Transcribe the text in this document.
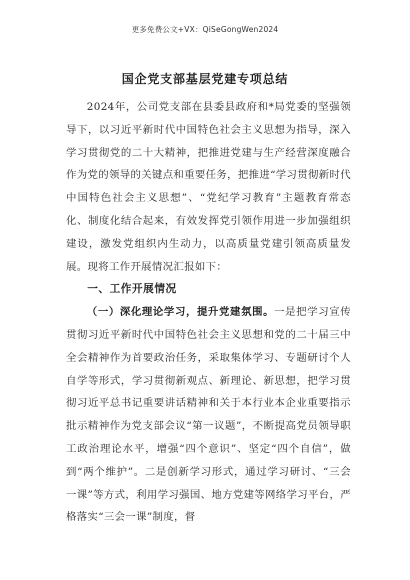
更多免费公文+VX：QiSeGongWen2024
国企党支部基层党建专项总结

2024年，公司党支部在县委县政府和*局党委的坚强领导下，以习近平新时代中国特色社会主义思想为指导，深入学习贯彻党的二十大精神，把推进党建与生产经营深度融合作为党的领导的关键点和重要任务，把推进“学习贯彻新时代中国特色社会主义思想”、“党纪学习教育”主题教育常态化、制度化结合起来，有效发挥党引领作用进一步加强组织建设，激发党组织内生动力，以高质量党建引领高质量发展。现将工作开展情况汇报如下：

一、工作开展情况

（一）深化理论学习，提升党建氛围。一是把学习宣传贯彻习近平新时代中国特色社会主义思想和党的二十届三中全会精神作为首要政治任务，采取集体学习、专题研讨个人自学等形式，学习贯彻新观点、新理论、新思想，把学习贯彻习近平总书记重要讲话精神和关于本行业本企业重要指示批示精神作为党支部会议“第一议题”，不断提高党员领导职工政治理论水平，增强“四个意识”、坚定“四个自信”，做到“两个维护”。二是创新学习形式，通过学习研讨、“三会一课”等方式，利用学习强国、地方党建等网络学习平台，严格落实“三会一课”制度，督
